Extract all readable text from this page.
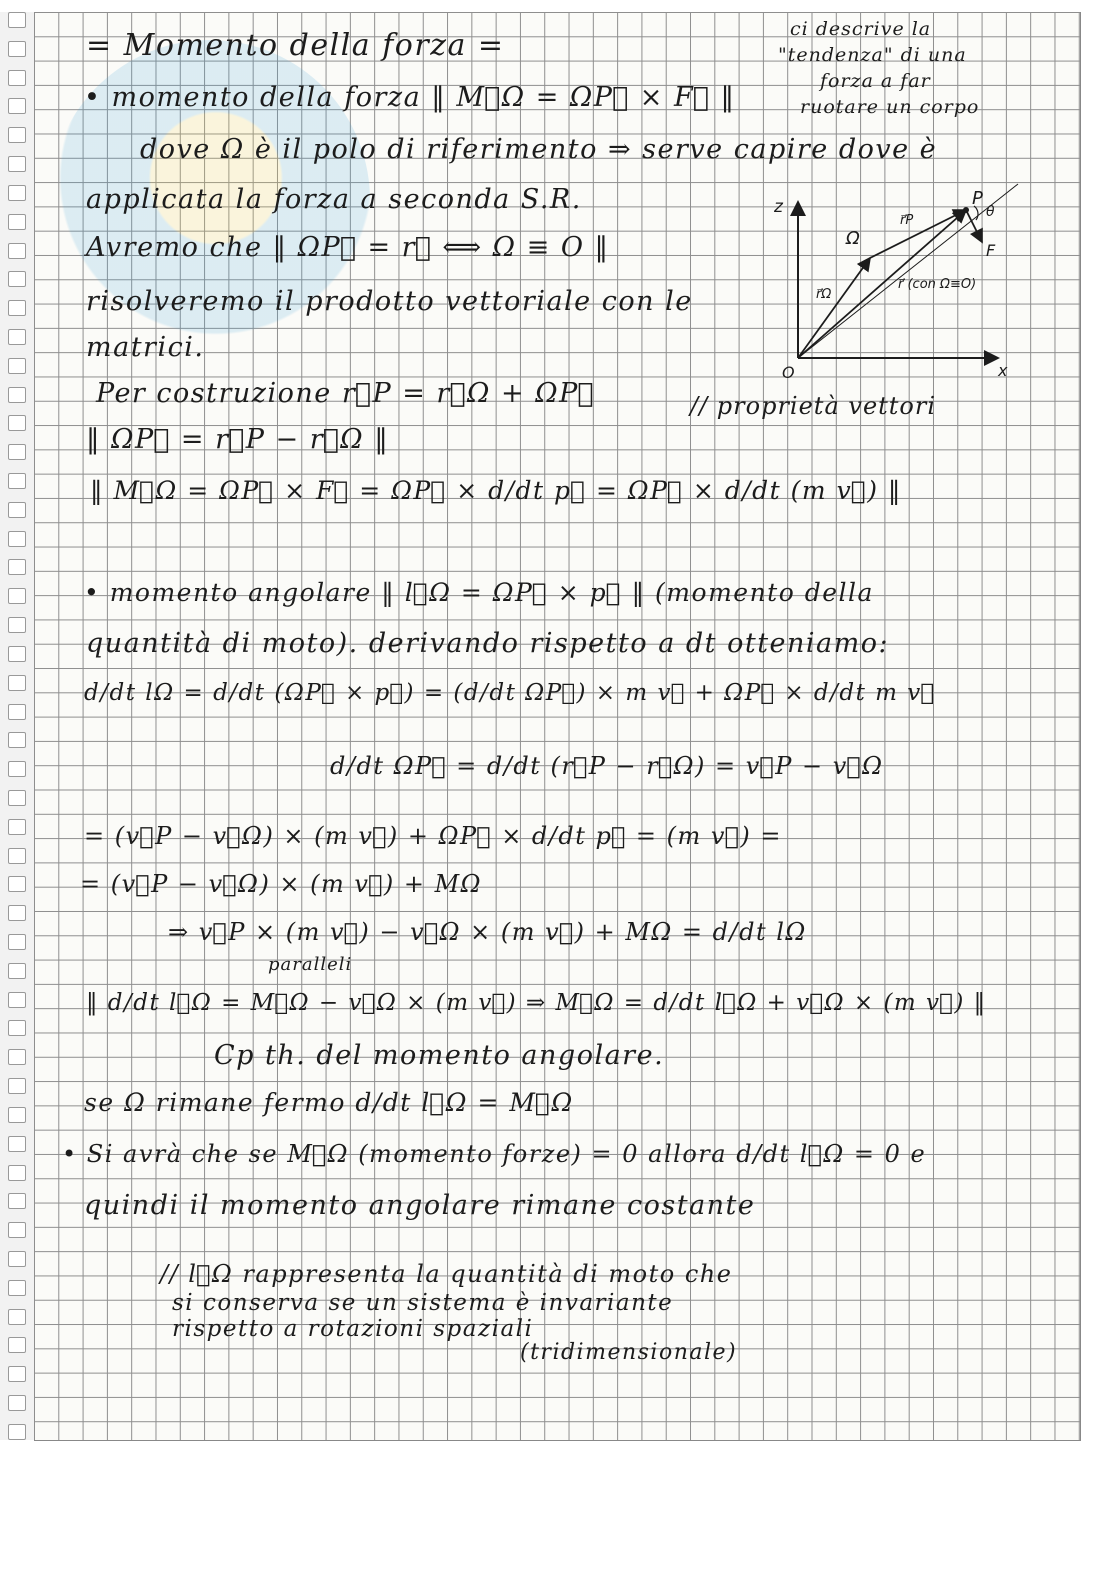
ci descrive la
"tendenza" di una
forza a far
ruotare un corpo
= Momento della forza =
• momento della forza ‖ M⃗Ω = ΩP⃗ × F⃗ ‖
dove Ω è il polo di riferimento ⇒ serve capire dove è
applicata la forza a seconda S.R.
Avremo che ‖ ΩP⃗ = r⃗ ⟺ Ω ≡ O ‖
risolveremo il prodotto vettoriale con le
matrici.
Per costruzione r⃗P = r⃗Ω + ΩP⃗	// proprietà vettori
‖ ΩP⃗ = r⃗P − r⃗Ω ‖
‖ M⃗Ω = ΩP⃗ × F⃗ = ΩP⃗ × d/dt p⃗ = ΩP⃗ × d/dt (m v⃗) ‖
• momento angolare ‖ l⃗Ω = ΩP⃗ × p⃗ ‖ (momento della
quantità di moto). derivando rispetto a dt otteniamo:
d/dt lΩ = d/dt (ΩP⃗ × p⃗) = (d/dt ΩP⃗) × m v⃗ + ΩP⃗ × d/dt m v⃗
d/dt ΩP⃗ = d/dt (r⃗P − r⃗Ω) = v⃗P − v⃗Ω
= (v⃗P − v⃗Ω) × (m v⃗) + ΩP⃗ × d/dt p⃗ = (m v⃗) =
= (v⃗P − v⃗Ω) × (m v⃗) + MΩ
⇒ v⃗P × (m v⃗) − v⃗Ω × (m v⃗) + MΩ = d/dt lΩ
paralleli
‖ d/dt l⃗Ω = M⃗Ω − v⃗Ω × (m v⃗) ⇒ M⃗Ω = d/dt l⃗Ω + v⃗Ω × (m v⃗) ‖
Cp th. del momento angolare.
se Ω rimane fermo d/dt l⃗Ω = M⃗Ω
• Si avrà che se M⃗Ω (momento forze) = 0 allora d/dt l⃗Ω = 0 e
quindi il momento angolare rimane costante
// l⃗Ω rappresenta la quantità di moto che
si conserva se un sistema è invariante
rispetto a rotazioni spaziali
(tridimensionale)
z
x
O
Ω
P
θ
F
r⃗P
r⃗Ω
r⃗ (con Ω≡O)
